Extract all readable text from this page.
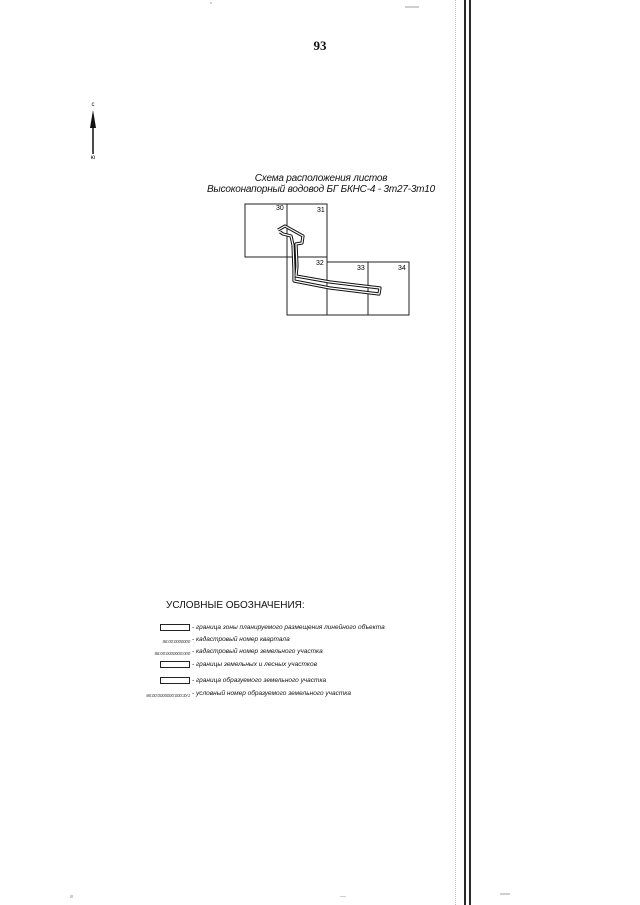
93
с
ю
Схема расположения листов
Высоконапорный водовод БГ БКНС-4 - 3т27-3т10
30	31
32
33	34
УСЛОВНЫЕ ОБОЗНАЧЕНИЯ:
- граница зоны планируемого размещения линейного объекта
86:00:0000000 - кадастровый номер квартала
86:00:0000000:000 - кадастровый номер земельного участка
- границы земельных и лесных участков
- граница образуемого земельного участка
86:00:0000000:000:ЗУ1 - условный номер образуемого земельного участка
